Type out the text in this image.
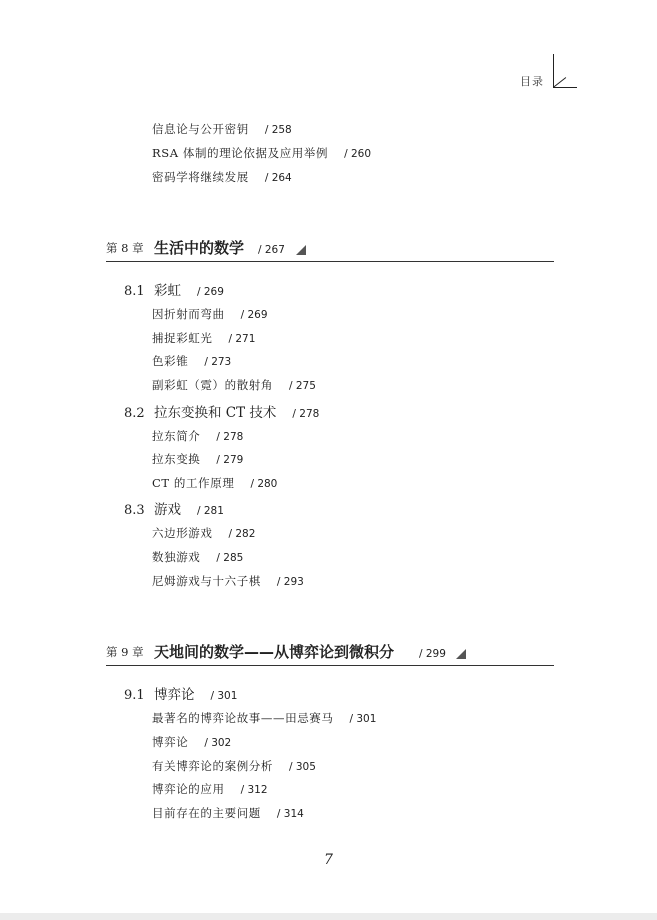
目录
信息论与公开密钥 / 258
RSA 体制的理论依据及应用举例 / 260
密码学将继续发展 / 264
第 8 章 生活中的数学 / 267
8.1 彩虹 / 269
因折射而弯曲 / 269
捕捉彩虹光 / 271
色彩锥 / 273
副彩虹（霓）的散射角 / 275
8.2 拉东变换和 CT 技术 / 278
拉东简介 / 278
拉东变换 / 279
CT 的工作原理 / 280
8.3 游戏 / 281
六边形游戏 / 282
数独游戏 / 285
尼姆游戏与十六子棋 / 293
第 9 章 天地间的数学——从博弈论到微积分 / 299
9.1 博弈论 / 301
最著名的博弈论故事——田忌赛马 / 301
博弈论 / 302
有关博弈论的案例分析 / 305
博弈论的应用 / 312
目前存在的主要问题 / 314
7
